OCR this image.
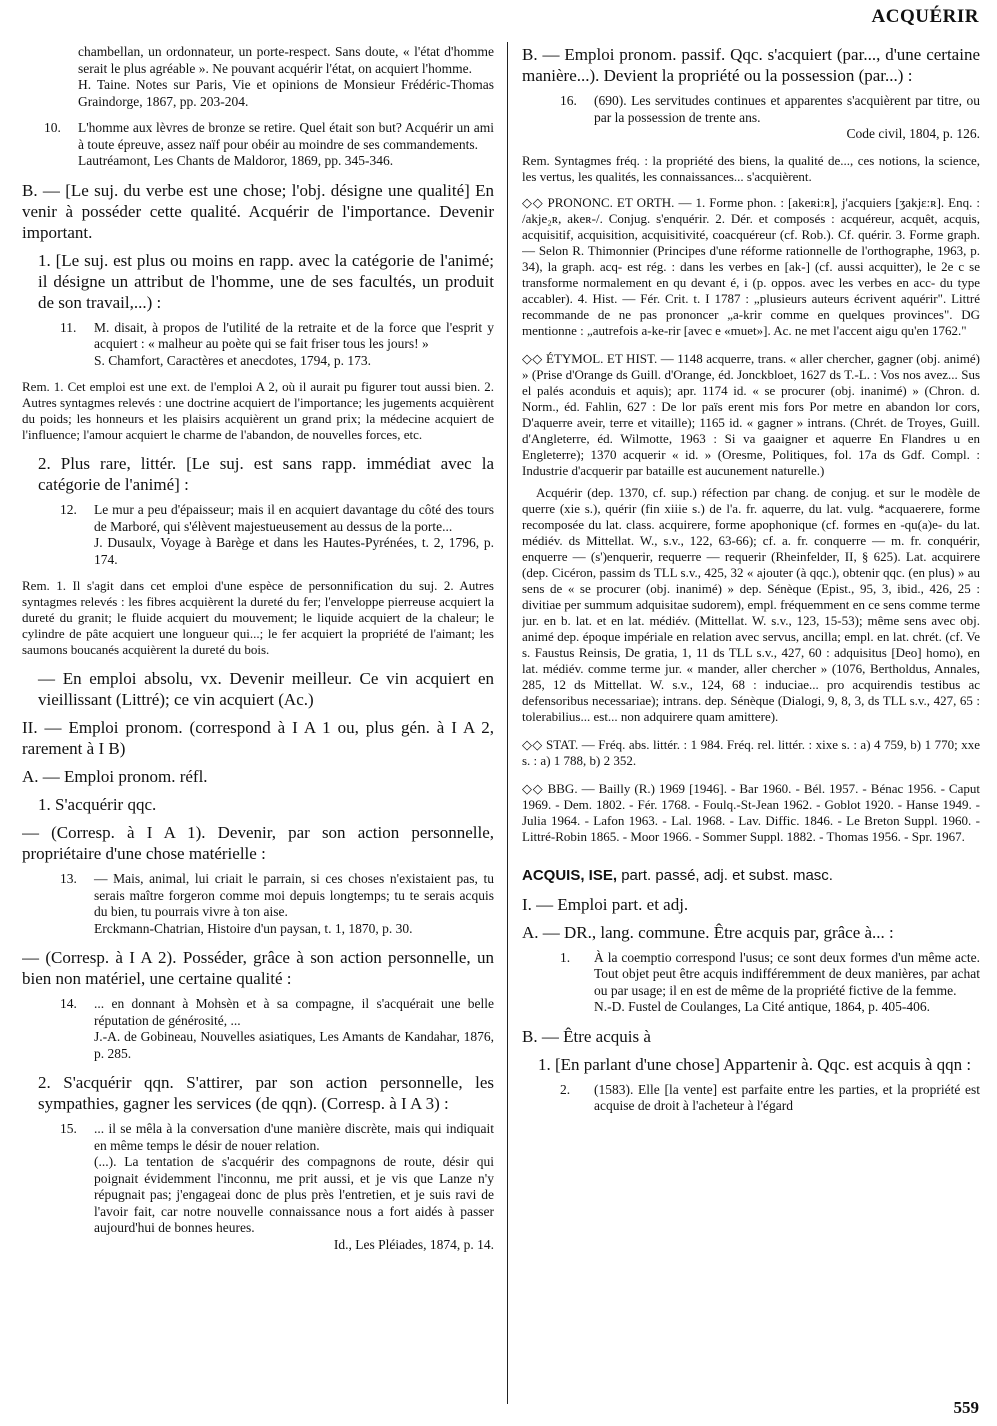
ACQUÉRIR
chambellan, un ordonnateur, un porte-respect. Sans doute, « l'état d'homme serait le plus agréable ». Ne pouvant acquérir l'état, on acquiert l'homme.
H. Taine. Notes sur Paris, Vie et opinions de Monsieur Frédéric-Thomas Graindorge, 1867, pp. 203-204.
10. L'homme aux lèvres de bronze se retire. Quel était son but? Acquérir un ami à toute épreuve, assez naïf pour obéir au moindre de ses commandements.
Lautréamont, Les Chants de Maldoror, 1869, pp. 345-346.

B. — [Le suj. du verbe est une chose; l'obj. désigne une qualité] En venir à posséder cette qualité. Acquérir de l'importance. Devenir important.

1. [Le suj. est plus ou moins en rapp. avec la catégorie de l'animé; il désigne un attribut de l'homme, une de ses facultés, un produit de son travail,...) :

11. M. disait, à propos de l'utilité de la retraite et de la force que l'esprit y acquiert : « malheur au poète qui se fait friser tous les jours! »
S. Chamfort, Caractères et anecdotes, 1794, p. 173.

Rem. 1. Cet emploi est une ext. de l'emploi A 2, où il aurait pu figurer tout aussi bien. 2. Autres syntagmes relevés : une doctrine acquiert de l'importance; les jugements acquièrent du poids; les honneurs et les plaisirs acquièrent un grand prix; la médecine acquiert de l'influence; l'amour acquiert le charme de l'abandon, de nouvelles forces, etc.

2. Plus rare, littér. [Le suj. est sans rapp. immédiat avec la catégorie de l'animé] :

12. Le mur a peu d'épaisseur; mais il en acquiert davantage du côté des tours de Marboré, qui s'élèvent majestueusement au dessus de la porte...
J. Dusaulx, Voyage à Barège et dans les Hautes-Pyrénées, t. 2, 1796, p. 174.

Rem. 1. Il s'agit dans cet emploi d'une espèce de personnification du suj. 2. Autres syntagmes relevés : les fibres acquièrent la dureté du fer; l'enveloppe pierreuse acquiert la dureté du granit; le fluide acquiert du mouvement; le liquide acquiert de la chaleur; le cylindre de pâte acquiert une longueur qui...; le fer acquiert la propriété de l'aimant; les saumons boucanés acquièrent la dureté du bois.

— En emploi absolu, vx. Devenir meilleur. Ce vin acquiert en vieillissant (Littré); ce vin acquiert (Ac.)

II. — Emploi pronom. (correspond à I A 1 ou, plus gén. à I A 2, rarement à I B)

A. — Emploi pronom. réfl.

1. S'acquérir qqc.

— (Corresp. à I A 1). Devenir, par son action personnelle, propriétaire d'une chose matérielle :

13. — Mais, animal, lui criait le parrain, si ces choses n'existaient pas, tu serais maître forgeron comme moi depuis longtemps; tu te serais acquis du bien, tu pourrais vivre à ton aise.
Erckmann-Chatrian, Histoire d'un paysan, t. 1, 1870, p. 30.

— (Corresp. à I A 2). Posséder, grâce à son action personnelle, un bien non matériel, une certaine qualité :

14. ... en donnant à Mohsèn et à sa compagne, il s'acquérait une belle réputation de générosité, ...
J.-A. de Gobineau, Nouvelles asiatiques, Les Amants de Kandahar, 1876, p. 285.

2. S'acquérir qqn. S'attirer, par son action personnelle, les sympathies, gagner les services (de qqn). (Corresp. à I A 3) :

15. ... il se mêla à la conversation d'une manière discrète, mais qui indiquait en même temps le désir de nouer relation.
(...). La tentation de s'acquérir des compagnons de route, désir qui poignait évidemment l'inconnu, me prit aussi, et je vis que Lanze n'y répugnait pas; j'engageai donc de plus près l'entretien, et je suis ravi de l'avoir fait, car notre nouvelle connaissance nous a fort aidés à passer aujourd'hui de bonnes heures.
Id., Les Pléiades, 1874, p. 14.

B. — Emploi pronom. passif. Qqc. s'acquiert (par..., d'une certaine manière...). Devient la propriété ou la possession (par...) :

16. (690). Les servitudes continues et apparentes s'acquièrent par titre, ou par la possession de trente ans.
Code civil, 1804, p. 126.

Rem. Syntagmes fréq. : la propriété des biens, la qualité de..., ces notions, la science, les vertus, les qualités, les connaissances... s'acquièrent.

◇◇ PRONONC. ET ORTH. — 1. Forme phon. : [akeʀi:ʀ], j'acquiers [ʒakjɛ:ʀ]. Enq. : /akje₂ʀ, akeʀ-/. Conjug. s'enquérir. 2. Dér. et composés : acquéreur, acquêt, acquis, acquisitif, acquisition, acquisitivité, coacquéreur (cf. Rob.). Cf. quérir. 3. Forme graph. — Selon R. Thimonnier (Principes d'une réforme rationnelle de l'orthographe, 1963, p. 34), la graph. acq- est rég. : dans les verbes en [ak-] (cf. aussi acquitter), le 2e c se transforme normalement en qu devant é, i (p. oppos. avec les verbes en acc- du type accabler). 4. Hist. — Fér. Crit. t. I 1787 : „plusieurs auteurs écrivent aquérir". Littré recommande de ne pas prononcer „a-krir comme en quelques provinces". DG mentionne : „autrefois a-ke-rir [avec e «muet»]. Ac. ne met l'accent aigu qu'en 1762."

◇◇ ÉTYMOL. ET HIST. — 1148 acquerre, trans. « aller chercher, gagner (obj. animé) » (Prise d'Orange ds Guill. d'Orange, éd. Jonckbloet, 1627 ds T.-L. : Vos nos avez... Sus el palés aconduis et aquis); apr. 1174 id. « se procurer (obj. inanimé) » (Chron. d. Norm., éd. Fahlin, 627 : De lor païs erent mis fors Por metre en abandon lor cors, D'aquerre aveir, terre et vitaille); 1165 id. « gagner » intrans. (Chrét. de Troyes, Guill. d'Angleterre, éd. Wilmotte, 1963 : Si va gaaigner et aquerre En Flandres u en Engleterre); 1370 acquerir « id. » (Oresme, Politiques, fol. 17a ds Gdf. Compl. : Industrie d'acquerir par bataille est aucunement naturelle.)

Acquérir (dep. 1370, cf. sup.) réfection par chang. de conjug. et sur le modèle de querre (xie s.), quérir (fin xiiie s.) de l'a. fr. aquerre, du lat. vulg. *acquaerere, forme recomposée du lat. class. acquirere, forme apophonique (cf. formes en -qu(a)e- du lat. médiév. ds Mittellat. W., s.v., 122, 63-66); cf. a. fr. conquerre — m. fr. conquérir, enquerre — (s')enquerir, requerre — requerir (Rheinfelder, II, § 625). Lat. acquirere (dep. Cicéron, passim ds TLL s.v., 425, 32 « ajouter (à qqc.), obtenir qqc. (en plus) » au sens de « se procurer (obj. inanimé) » dep. Sénèque (Epist., 95, 3, ibid., 426, 25 : divitiae per summum adquisitae sudorem), empl. fréquemment en ce sens comme terme jur. en b. lat. et en lat. médiév. (Mittellat. W. s.v., 123, 15-53); même sens avec obj. animé dep. époque impériale en relation avec servus, ancilla; empl. en lat. chrét. (cf. Ve s. Faustus Reinsis, De gratia, 1, 11 ds TLL s.v., 427, 60 : adquisitus [Deo] homo), en lat. médiév. comme terme jur. « mander, aller chercher » (1076, Bertholdus, Annales, 285, 12 ds Mittellat. W. s.v., 124, 68 : induciae... pro acquirendis testibus ac defensoribus necessariae); intrans. dep. Sénèque (Dialogi, 9, 8, 3, ds TLL s.v., 427, 65 : tolerabilius... est... non adquirere quam amittere).

◇◇ STAT. — Fréq. abs. littér. : 1 984. Fréq. rel. littér. : xixe s. : a) 4 759, b) 1 770; xxe s. : a) 1 788, b) 2 352.

◇◇ BBG. — Bailly (R.) 1969 [1946]. - Bar 1960. - Bél. 1957. - Bénac 1956. - Caput 1969. - Dem. 1802. - Fér. 1768. - Foulq.-St-Jean 1962. - Goblot 1920. - Hanse 1949. - Julia 1964. - Lafon 1963. - Lal. 1968. - Lav. Diffic. 1846. - Le Breton Suppl. 1960. - Littré-Robin 1865. - Moor 1966. - Sommer Suppl. 1882. - Thomas 1956. - Spr. 1967.

ACQUIS, ISE, part. passé, adj. et subst. masc.

I. — Emploi part. et adj.

A. — DR., lang. commune. Être acquis par, grâce à... :

1. À la coemptio correspond l'usus; ce sont deux formes d'un même acte. Tout objet peut être acquis indifféremment de deux manières, par achat ou par usage; il en est de même de la propriété fictive de la femme.
N.-D. Fustel de Coulanges, La Cité antique, 1864, p. 405-406.

B. — Être acquis à

1. [En parlant d'une chose] Appartenir à. Qqc. est acquis à qqn :

2. (1583). Elle [la vente] est parfaite entre les parties, et la propriété est acquise de droit à l'acheteur à l'égard
559
